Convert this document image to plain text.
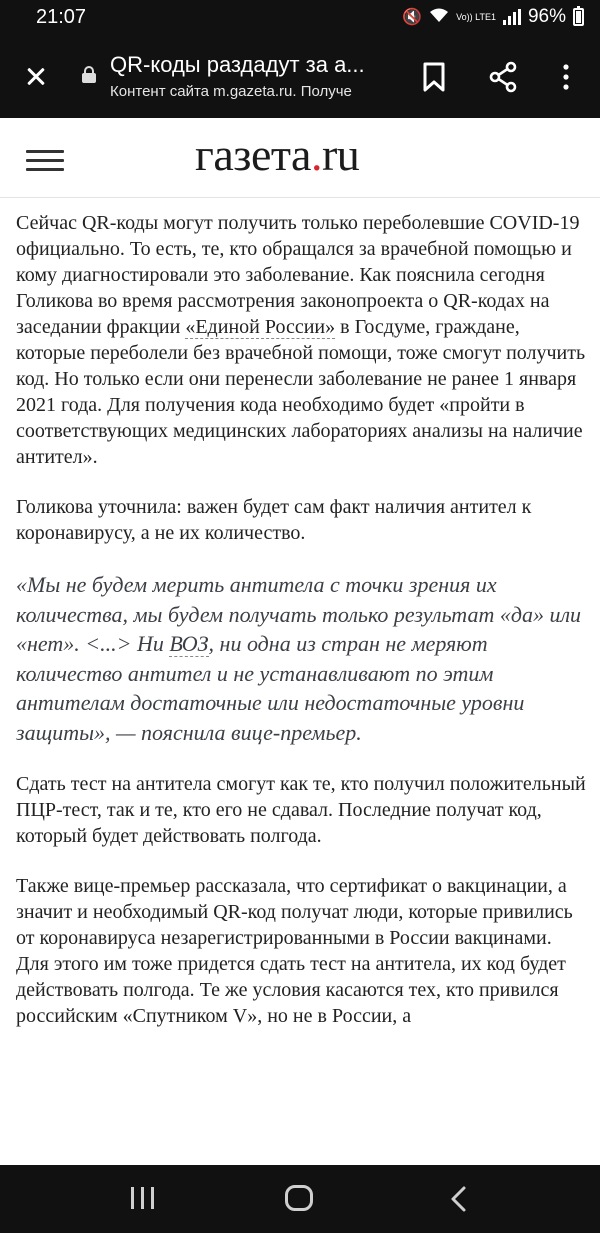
21:07	🔇	Vo)) LTE1 96%
QR-коды раздадут за а...
Контент сайта m.gazeta.ru. Получе
газета.ru

Сейчас QR-коды могут получить только переболевшие COVID-19 официально. То есть, те, кто обращался за врачебной помощью и кому диагностировали это заболевание. Как пояснила сегодня Голикова во время рассмотрения законопроекта о QR-кодах на заседании фракции «Единой России» в Госдуме, граждане, которые переболели без врачебной помощи, тоже смогут получить код. Но только если они перенесли заболевание не ранее 1 января 2021 года. Для получения кода необходимо будет «пройти в соответствующих медицинских лабораториях анализы на наличие антител».

Голикова уточнила: важен будет сам факт наличия антител к коронавирусу, а не их количество.

«Мы не будем мерить антитела с точки зрения их количества, мы будем получать только результат «да» или «нет». <...> Ни ВОЗ, ни одна из стран не меряют количество антител и не устанавливают по этим антителам достаточные или недостаточные уровни защиты», — пояснила вице-премьер.

Сдать тест на антитела смогут как те, кто получил положительный ПЦР-тест, так и те, кто его не сдавал. Последние получат код, который будет действовать полгода.

Также вице-премьер рассказала, что сертификат о вакцинации, а значит и необходимый QR-код получат люди, которые привились от коронавируса незарегистрированными в России вакцинами. Для этого им тоже придется сдать тест на антитела, их код будет действовать полгода. Те же условия касаются тех, кто привился российским «Спутником V», но не в России, а
